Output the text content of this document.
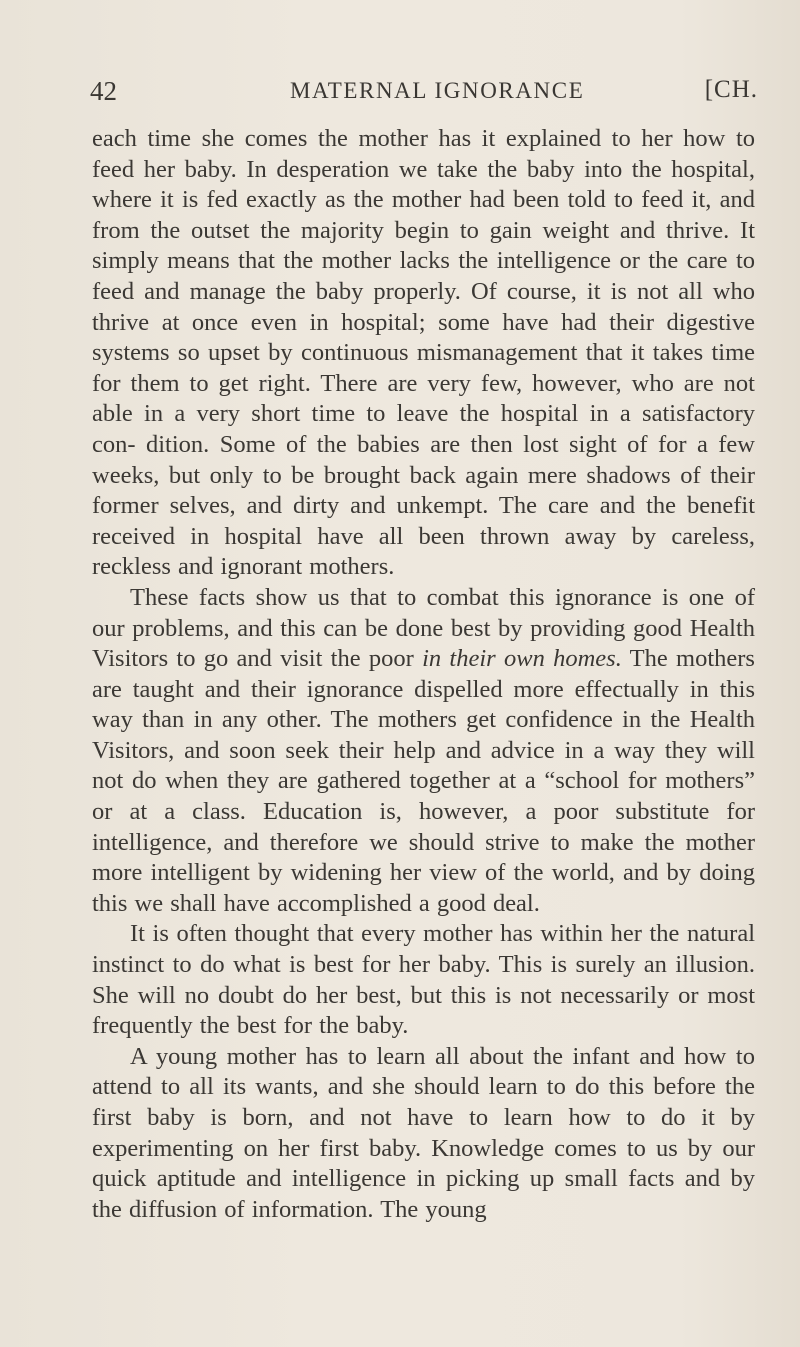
42	MATERNAL IGNORANCE	[CH.

each time she comes the mother has it explained to her how to feed her baby. In desperation we take the baby into the hospital, where it is fed exactly as the mother had been told to feed it, and from the outset the majority begin to gain weight and thrive. It simply means that the mother lacks the intelligence or the care to feed and manage the baby properly. Of course, it is not all who thrive at once even in hospital; some have had their digestive systems so upset by continuous mismanagement that it takes time for them to get right. There are very few, however, who are not able in a very short time to leave the hospital in a satisfactory con- dition. Some of the babies are then lost sight of for a few weeks, but only to be brought back again mere shadows of their former selves, and dirty and unkempt. The care and the benefit received in hospital have all been thrown away by careless, reckless and ignorant mothers.

These facts show us that to combat this ignorance is one of our problems, and this can be done best by providing good Health Visitors to go and visit the poor in their own homes. The mothers are taught and their ignorance dispelled more effectually in this way than in any other. The mothers get confidence in the Health Visitors, and soon seek their help and advice in a way they will not do when they are gathered together at a “school for mothers” or at a class. Education is, however, a poor substitute for intelligence, and therefore we should strive to make the mother more intelligent by widening her view of the world, and by doing this we shall have accomplished a good deal.

It is often thought that every mother has within her the natural instinct to do what is best for her baby. This is surely an illusion. She will no doubt do her best, but this is not necessarily or most frequently the best for the baby.

A young mother has to learn all about the infant and how to attend to all its wants, and she should learn to do this before the first baby is born, and not have to learn how to do it by experimenting on her first baby. Knowledge comes to us by our quick aptitude and intelligence in picking up small facts and by the diffusion of information. The young
